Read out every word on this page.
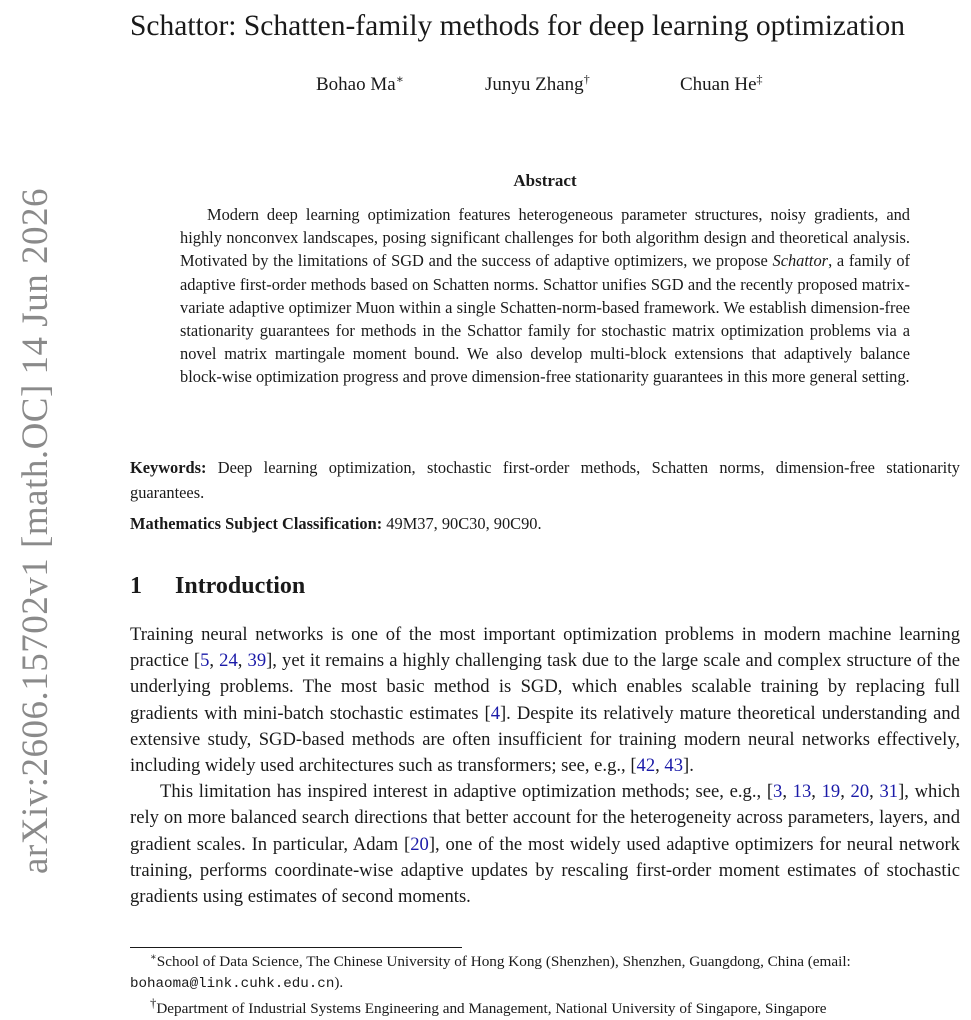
arXiv:2606.15702v1 [math.OC] 14 Jun 2026
Schattor: Schatten-family methods for deep learning optimization
Bohao Ma∗	Junyu Zhang†	Chuan He‡
Abstract
Modern deep learning optimization features heterogeneous parameter structures, noisy gradients, and highly nonconvex landscapes, posing significant challenges for both algorithm design and theoretical analysis. Motivated by the limitations of SGD and the success of adaptive optimizers, we propose Schattor, a family of adaptive first-order methods based on Schatten norms. Schattor unifies SGD and the recently proposed matrix-variate adaptive optimizer Muon within a single Schatten-norm-based framework. We establish dimension-free stationarity guarantees for methods in the Schattor family for stochastic matrix optimization problems via a novel matrix martingale moment bound. We also develop multi-block extensions that adaptively balance block-wise optimization progress and prove dimension-free stationarity guarantees in this more general setting.
Keywords: Deep learning optimization, stochastic first-order methods, Schatten norms, dimension-free stationarity guarantees.
Mathematics Subject Classification: 49M37, 90C30, 90C90.
1 Introduction

Training neural networks is one of the most important optimization problems in modern machine learning practice [5, 24, 39], yet it remains a highly challenging task due to the large scale and complex structure of the underlying problems. The most basic method is SGD, which enables scalable training by replacing full gradients with mini-batch stochastic estimates [4]. Despite its relatively mature theoretical understanding and extensive study, SGD-based methods are often insufficient for training modern neural networks effectively, including widely used architectures such as transformers; see, e.g., [42, 43].

This limitation has inspired interest in adaptive optimization methods; see, e.g., [3, 13, 19, 20, 31], which rely on more balanced search directions that better account for the heterogeneity across parameters, layers, and gradient scales. In particular, Adam [20], one of the most widely used adaptive optimizers for neural network training, performs coordinate-wise adaptive updates by rescaling first-order moment estimates of stochastic gradients using estimates of second moments.

∗School of Data Science, The Chinese University of Hong Kong (Shenzhen), Shenzhen, Guangdong, China (email: bohaoma@link.cuhk.edu.cn).
†Department of Industrial Systems Engineering and Management, National University of Singapore, Singapore
